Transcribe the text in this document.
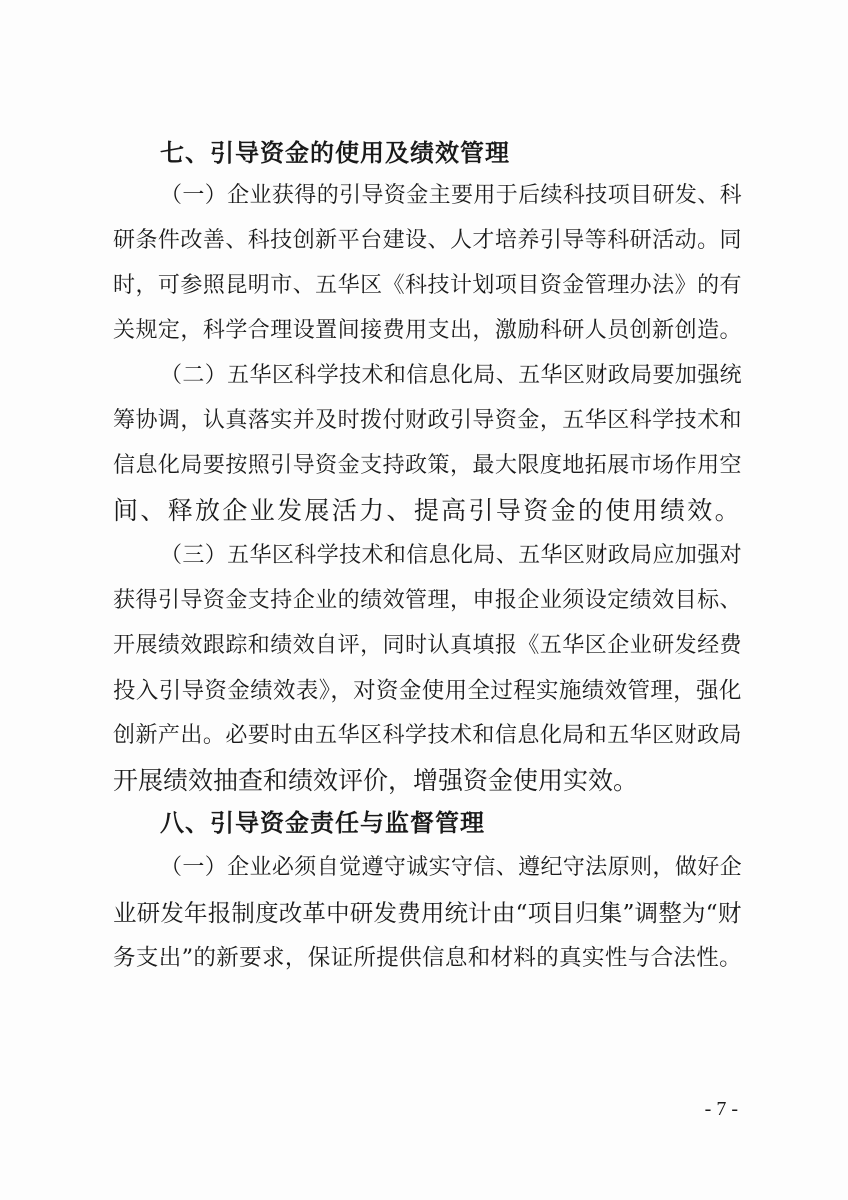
七、引导资金的使用及绩效管理

（一）企业获得的引导资金主要用于后续科技项目研发、科

研条件改善、科技创新平台建设、人才培养引导等科研活动。同

时，可参照昆明市、五华区《科技计划项目资金管理办法》的有

关规定，科学合理设置间接费用支出，激励科研人员创新创造。

（二）五华区科学技术和信息化局、五华区财政局要加强统

筹协调，认真落实并及时拨付财政引导资金，五华区科学技术和

信息化局要按照引导资金支持政策，最大限度地拓展市场作用空

间、释放企业发展活力、提高引导资金的使用绩效。

（三）五华区科学技术和信息化局、五华区财政局应加强对

获得引导资金支持企业的绩效管理，申报企业须设定绩效目标、

开展绩效跟踪和绩效自评，同时认真填报《五华区企业研发经费

投入引导资金绩效表》，对资金使用全过程实施绩效管理，强化

创新产出。必要时由五华区科学技术和信息化局和五华区财政局

开展绩效抽查和绩效评价，增强资金使用实效。

八、引导资金责任与监督管理

（一）企业必须自觉遵守诚实守信、遵纪守法原则，做好企

业研发年报制度改革中研发费用统计由“项目归集”调整为“财

务支出”的新要求，保证所提供信息和材料的真实性与合法性。

- 7 -
